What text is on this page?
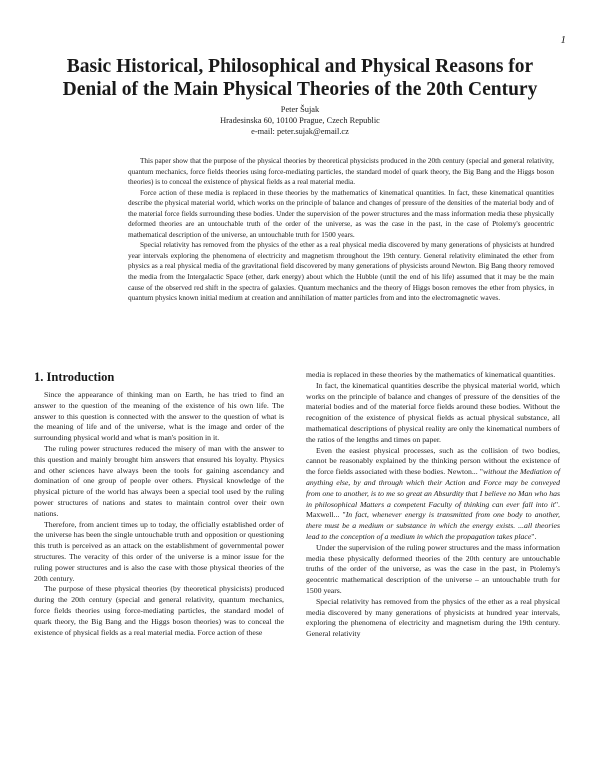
1
Basic Historical, Philosophical and Physical Reasons for
Denial of the Main Physical Theories of the 20th Century
Peter Šujak
Hradesinska 60, 10100 Prague, Czech Republic
e-mail: peter.sujak@email.cz

This paper show that the purpose of the physical theories by theoretical physicists produced in the 20th century (special and general relativity, quantum mechanics, force fields theories using force-mediating particles, the standard model of quark theory, the Big Bang and the Higgs boson theories) is to conceal the existence of physical fields as a real material media.

Force action of these media is replaced in these theories by the mathematics of kinematical quantities. In fact, these kinematical quantities describe the physical material world, which works on the principle of balance and changes of pressure of the densities of the material body and of the material force fields surrounding these bodies. Under the supervision of the power structures and the mass information media these physically deformed theories are an untouchable truth of the order of the universe, as was the case in the past, in the case of Ptolemy's geocentric mathematical description of the universe, an untouchable truth for 1500 years.

Special relativity has removed from the physics of the ether as a real physical media discovered by many generations of physicists at hundred year intervals exploring the phenomena of electricity and magnetism throughout the 19th century. General relativity eliminated the ether from physics as a real physical media of the gravitational field discovered by many generations of physicists around Newton. Big Bang theory removed the media from the Intergalactic Space (ether, dark energy) about which the Hubble (until the end of his life) assumed that it may be the main cause of the observed red shift in the spectra of galaxies. Quantum mechanics and the theory of Higgs boson removes the ether from physics, in quantum physics known initial medium at creation and annihilation of matter particles from and into the electromagnetic waves.

1. Introduction

Since the appearance of thinking man on Earth, he has tried to find an answer to the question of the meaning of the existence of his own life. The answer to this question is connected with the answer to the question of what is the meaning of life and of the universe, what is the image and order of the surrounding physical world and what is man's position in it.

The ruling power structures reduced the misery of man with the answer to this question and mainly brought him answers that ensured his loyalty. Physics and other sciences have always been the tools for gaining ascendancy and domination of one group of people over others. Physical knowledge of the physical picture of the world has always been a special tool used by the ruling power structures of nations and states to maintain control over their own nations.

Therefore, from ancient times up to today, the officially established order of the universe has been the single untouchable truth and opposition or questioning this truth is perceived as an attack on the establishment of governmental power structures. The veracity of this order of the universe is a minor issue for the ruling power structures and is also the case with those physical theories of the 20th century.

The purpose of these physical theories (by theoretical physicists) produced during the 20th century (special and general relativity, quantum mechanics, force fields theories using force-mediating particles, the standard model of quark theory, the Big Bang and the Higgs boson theories) was to conceal the existence of physical fields as a real material media. Force action of these

media is replaced in these theories by the mathematics of kinematical quantities.

In fact, the kinematical quantities describe the physical material world, which works on the principle of balance and changes of pressure of the densities of the material bodies and of the material force fields around these bodies. Without the recognition of the existence of physical fields as actual physical substance, all mathematical descriptions of physical reality are only the kinematical numbers of the ratios of the lengths and times on paper.

Even the easiest physical processes, such as the collision of two bodies, cannot be reasonably explained by the thinking person without the existence of the force fields associated with these bodies. Newton... "without the Mediation of anything else, by and through which their Action and Force may be conveyed from one to another, is to me so great an Absurdity that I believe no Man who has in philosophical Matters a competent Faculty of thinking can ever fall into it". Maxwell... "In fact, whenever energy is transmitted from one body to another, there must be a medium or substance in which the energy exists. ...all theories lead to the conception of a medium in which the propagation takes place".

Under the supervision of the ruling power structures and the mass information media these physically deformed theories of the 20th century are untouchable truths of the order of the universe, as was the case in the past, in Ptolemy's geocentric mathematical description of the universe – an untouchable truth for 1500 years.

Special relativity has removed from the physics of the ether as a real physical media discovered by many generations of physicists at hundred year intervals, exploring the phenomena of electricity and magnetism during the 19th century. General relativity
